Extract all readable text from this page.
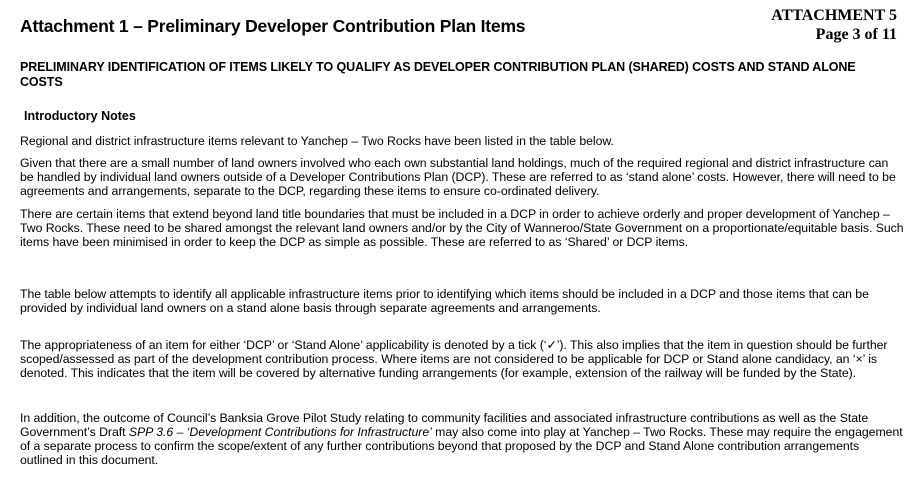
ATTACHMENT 5
Page 3 of 11
Attachment 1 – Preliminary Developer Contribution Plan Items
PRELIMINARY IDENTIFICATION OF ITEMS LIKELY TO QUALIFY AS DEVELOPER CONTRIBUTION PLAN (SHARED) COSTS AND STAND ALONE COSTS
Introductory Notes

Regional and district infrastructure items relevant to Yanchep – Two Rocks have been listed in the table below.

Given that there are a small number of land owners involved who each own substantial land holdings, much of the required regional and district infrastructure can be handled by individual land owners outside of a Developer Contributions Plan (DCP). These are referred to as ‘stand alone’ costs. However, there will need to be agreements and arrangements, separate to the DCP, regarding these items to ensure co-ordinated delivery.

There are certain items that extend beyond land title boundaries that must be included in a DCP in order to achieve orderly and proper development of Yanchep – Two Rocks. These need to be shared amongst the relevant land owners and/or by the City of Wanneroo/State Government on a proportionate/equitable basis. Such items have been minimised in order to keep the DCP as simple as possible. These are referred to as ‘Shared’ or DCP items.

The table below attempts to identify all applicable infrastructure items prior to identifying which items should be included in a DCP and those items that can be provided by individual land owners on a stand alone basis through separate agreements and arrangements.

The appropriateness of an item for either ‘DCP’ or ‘Stand Alone’ applicability is denoted by a tick (‘✓’). This also implies that the item in question should be further scoped/assessed as part of the development contribution process. Where items are not considered to be applicable for DCP or Stand alone candidacy, an ‘×’ is denoted. This indicates that the item will be covered by alternative funding arrangements (for example, extension of the railway will be funded by the State).

In addition, the outcome of Council’s Banksia Grove Pilot Study relating to community facilities and associated infrastructure contributions as well as the State Government’s Draft SPP 3.6 – ‘Development Contributions for Infrastructure’ may also come into play at Yanchep – Two Rocks. These may require the engagement of a separate process to confirm the scope/extent of any further contributions beyond that proposed by the DCP and Stand Alone contribution arrangements outlined in this document.
